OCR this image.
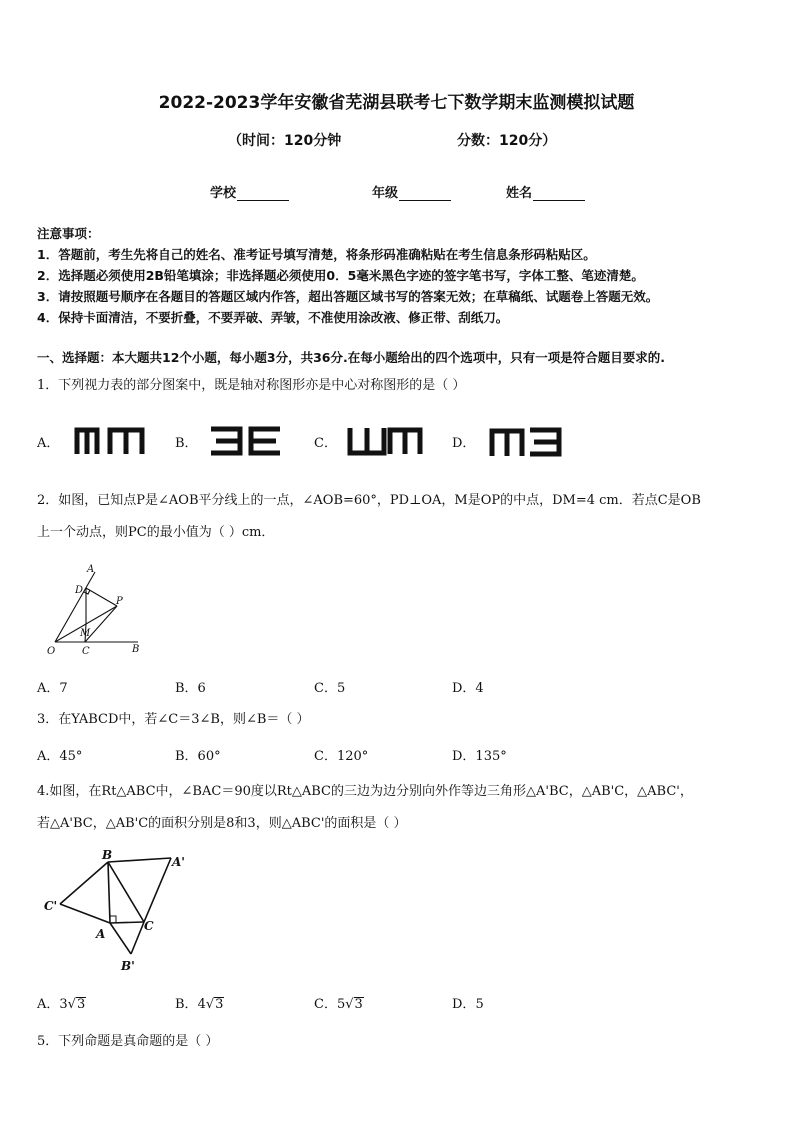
2022-2023学年安徽省芜湖县联考七下数学期末监测模拟试题
（时间：120分钟	分数：120分）
学校	年级	姓名
注意事项：
1．答题前，考生先将自己的姓名、准考证号填写清楚，将条形码准确粘贴在考生信息条形码粘贴区。
2．选择题必须使用2B铅笔填涂；非选择题必须使用0．5毫米黑色字迹的签字笔书写，字体工整、笔迹清楚。
3．请按照题号顺序在各题目的答题区域内作答，超出答题区域书写的答案无效；在草稿纸、试题卷上答题无效。
4．保持卡面清洁，不要折叠，不要弄破、弄皱，不准使用涂改液、修正带、刮纸刀。
一、选择题：本大题共12个小题，每小题3分，共36分.在每小题给出的四个选项中，只有一项是符合题目要求的.
1．下列视力表的部分图案中，既是轴对称图形亦是中心对称图形的是（ ）
A．	B．	C．	D．
2．如图，已知点P是∠AOB平分线上的一点，∠AOB=60°，PD⊥OA，M是OP的中点，DM=4 cm．若点C是OB
上一个动点，则PC的最小值为（ ）cm．
A
D
P
M
O	C	B
A．7	B．6	C．5	D．4
3．在YABCD中，若∠C＝3∠B，则∠B＝（ ）
A．45°	B．60°	C．120°	D．135°
4.如图，在Rt△ABC中，∠BAC＝90度以Rt△ABC的三边为边分别向外作等边三角形△A'BC，△AB'C，△ABC'，
若△A'BC，△AB'C的面积分别是8和3，则△ABC'的面积是（ ）
B	A'
C'
A
C
B'
A．3√3	B．4√3	C．5√3	D．5
5．下列命题是真命题的是（ ）
